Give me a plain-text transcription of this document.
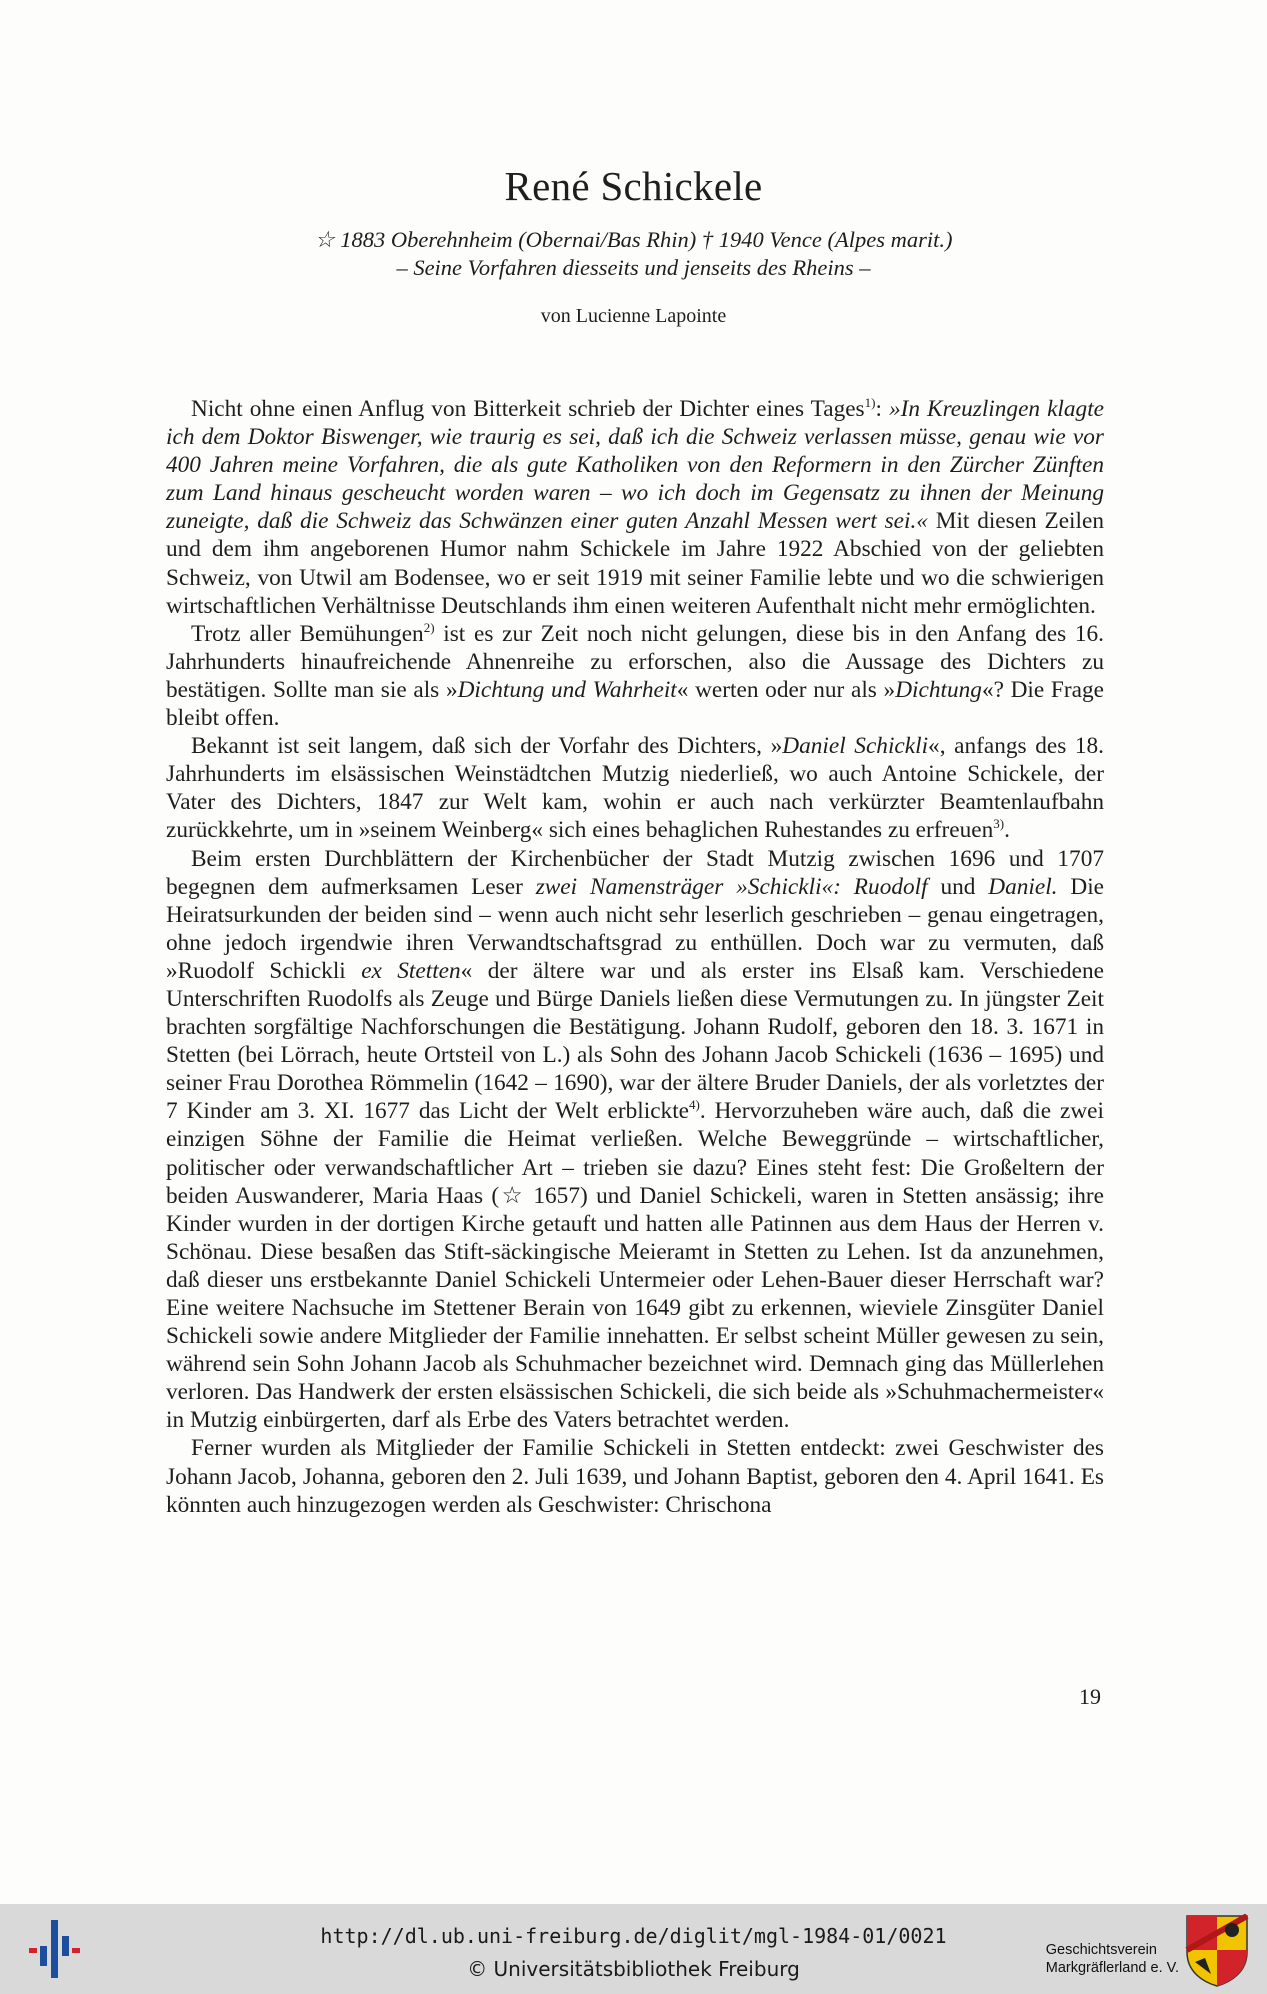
René Schickele

☆ 1883 Oberehnheim (Obernai/Bas Rhin) † 1940 Vence (Alpes marit.)

– Seine Vorfahren diesseits und jenseits des Rheins –

von Lucienne Lapointe

Nicht ohne einen Anflug von Bitterkeit schrieb der Dichter eines Tages$^{1)}$: »In Kreuzlingen klagte ich dem Doktor Biswenger, wie traurig es sei, daß ich die Schweiz verlassen müsse, genau wie vor 400 Jahren meine Vorfahren, die als gute Katholiken von den Reformern in den Zürcher Zünften zum Land hinaus gescheucht worden waren – wo ich doch im Gegensatz zu ihnen der Meinung zuneigte, daß die Schweiz das Schwänzen einer guten Anzahl Messen wert sei.« Mit diesen Zeilen und dem ihm angeborenen Humor nahm Schickele im Jahre 1922 Abschied von der geliebten Schweiz, von Utwil am Bodensee, wo er seit 1919 mit seiner Familie lebte und wo die schwierigen wirtschaftlichen Verhältnisse Deutschlands ihm einen weiteren Aufenthalt nicht mehr ermöglichten.

Trotz aller Bemühungen$^{2)}$ ist es zur Zeit noch nicht gelungen, diese bis in den Anfang des 16. Jahrhunderts hinaufreichende Ahnenreihe zu erforschen, also die Aussage des Dichters zu bestätigen. Sollte man sie als »Dichtung und Wahrheit« werten oder nur als »Dichtung«? Die Frage bleibt offen.

Bekannt ist seit langem, daß sich der Vorfahr des Dichters, »Daniel Schickli«, anfangs des 18. Jahrhunderts im elsässischen Weinstädtchen Mutzig niederließ, wo auch Antoine Schickele, der Vater des Dichters, 1847 zur Welt kam, wohin er auch nach verkürzter Beamtenlaufbahn zurückkehrte, um in »seinem Weinberg« sich eines behaglichen Ruhestandes zu erfreuen$^{3)}$.

Beim ersten Durchblättern der Kirchenbücher der Stadt Mutzig zwischen 1696 und 1707 begegnen dem aufmerksamen Leser zwei Namensträger »Schickli«: Ruodolf und Daniel. Die Heiratsurkunden der beiden sind – wenn auch nicht sehr leserlich geschrieben – genau eingetragen, ohne jedoch irgendwie ihren Verwandtschaftsgrad zu enthüllen. Doch war zu vermuten, daß »Ruodolf Schickli ex Stetten« der ältere war und als erster ins Elsaß kam. Verschiedene Unterschriften Ruodolfs als Zeuge und Bürge Daniels ließen diese Vermutungen zu. In jüngster Zeit brachten sorgfältige Nachforschungen die Bestätigung. Johann Rudolf, geboren den 18. 3. 1671 in Stetten (bei Lörrach, heute Ortsteil von L.) als Sohn des Johann Jacob Schickeli (1636 – 1695) und seiner Frau Dorothea Römmelin (1642 – 1690), war der ältere Bruder Daniels, der als vorletztes der 7 Kinder am 3. XI. 1677 das Licht der Welt erblickte$^{4)}$. Hervorzuheben wäre auch, daß die zwei einzigen Söhne der Familie die Heimat verließen. Welche Beweggründe – wirtschaftlicher, politischer oder verwandschaftlicher Art – trieben sie dazu? Eines steht fest: Die Großeltern der beiden Auswanderer, Maria Haas (☆ 1657) und Daniel Schickeli, waren in Stetten ansässig; ihre Kinder wurden in der dortigen Kirche getauft und hatten alle Patinnen aus dem Haus der Herren v. Schönau. Diese besaßen das Stift-säckingische Meieramt in Stetten zu Lehen. Ist da anzunehmen, daß dieser uns erstbekannte Daniel Schickeli Untermeier oder Lehen-Bauer dieser Herrschaft war? Eine weitere Nachsuche im Stettener Berain von 1649 gibt zu erkennen, wieviele Zinsgüter Daniel Schickeli sowie andere Mitglieder der Familie innehatten. Er selbst scheint Müller gewesen zu sein, während sein Sohn Johann Jacob als Schuhmacher bezeichnet wird. Demnach ging das Müllerlehen verloren. Das Handwerk der ersten elsässischen Schickeli, die sich beide als »Schuhmachermeister« in Mutzig einbürgerten, darf als Erbe des Vaters betrachtet werden.

Ferner wurden als Mitglieder der Familie Schickeli in Stetten entdeckt: zwei Geschwister des Johann Jacob, Johanna, geboren den 2. Juli 1639, und Johann Baptist, geboren den 4. April 1641. Es könnten auch hinzugezogen werden als Geschwister: Chrischona

19

http://dl.ub.uni-freiburg.de/diglit/mgl-1984-01/0021

© Universitätsbibliothek Freiburg

Geschichtsverein
Markgräflerland e. V.
